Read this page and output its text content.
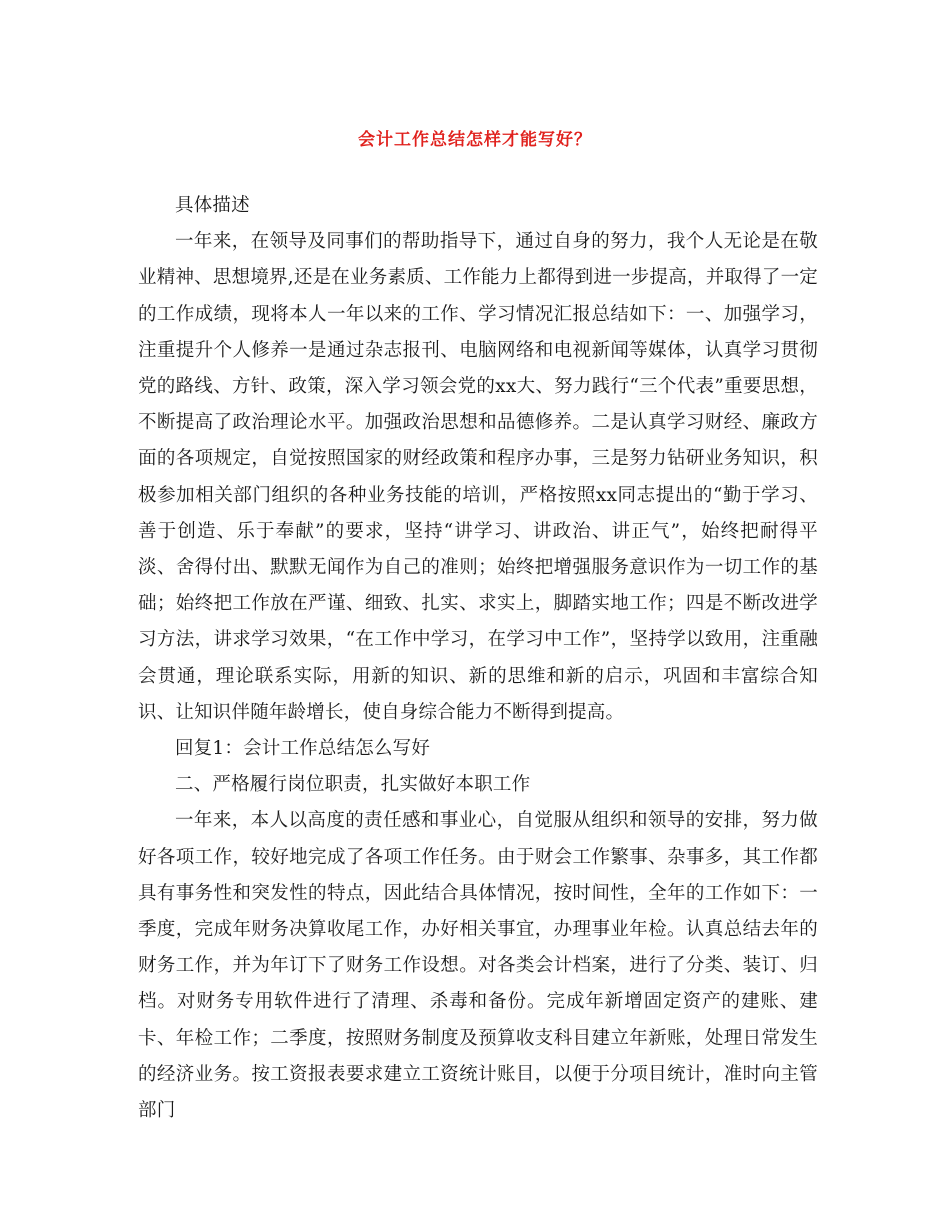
会计工作总结怎样才能写好？

具体描述

一年来，在领导及同事们的帮助指导下，通过自身的努力，我个人无论是在敬业精神、思想境界,还是在业务素质、工作能力上都得到进一步提高，并取得了一定的工作成绩，现将本人一年以来的工作、学习情况汇报总结如下：一、加强学习，注重提升个人修养一是通过杂志报刊、电脑网络和电视新闻等媒体，认真学习贯彻党的路线、方针、政策，深入学习领会党的xx大、努力践行“三个代表”重要思想，不断提高了政治理论水平。加强政治思想和品德修养。二是认真学习财经、廉政方面的各项规定，自觉按照国家的财经政策和程序办事，三是努力钻研业务知识，积极参加相关部门组织的各种业务技能的培训，严格按照xx同志提出的“勤于学习、善于创造、乐于奉献”的要求，坚持“讲学习、讲政治、讲正气”，始终把耐得平淡、舍得付出、默默无闻作为自己的准则；始终把增强服务意识作为一切工作的基础；始终把工作放在严谨、细致、扎实、求实上，脚踏实地工作；四是不断改进学习方法，讲求学习效果，“在工作中学习，在学习中工作”，坚持学以致用，注重融会贯通，理论联系实际，用新的知识、新的思维和新的启示，巩固和丰富综合知识、让知识伴随年龄增长，使自身综合能力不断得到提高。

回复1：会计工作总结怎么写好

二、严格履行岗位职责，扎实做好本职工作

一年来，本人以高度的责任感和事业心，自觉服从组织和领导的安排，努力做好各项工作，较好地完成了各项工作任务。由于财会工作繁事、杂事多，其工作都具有事务性和突发性的特点，因此结合具体情况，按时间性，全年的工作如下：一季度，完成年财务决算收尾工作，办好相关事宜，办理事业年检。认真总结去年的财务工作，并为年订下了财务工作设想。对各类会计档案，进行了分类、装订、归档。对财务专用软件进行了清理、杀毒和备份。完成年新增固定资产的建账、建卡、年检工作；二季度，按照财务制度及预算收支科目建立年新账，处理日常发生的经济业务。按工资报表要求建立工资统计账目，以便于分项目统计，准时向主管部门
